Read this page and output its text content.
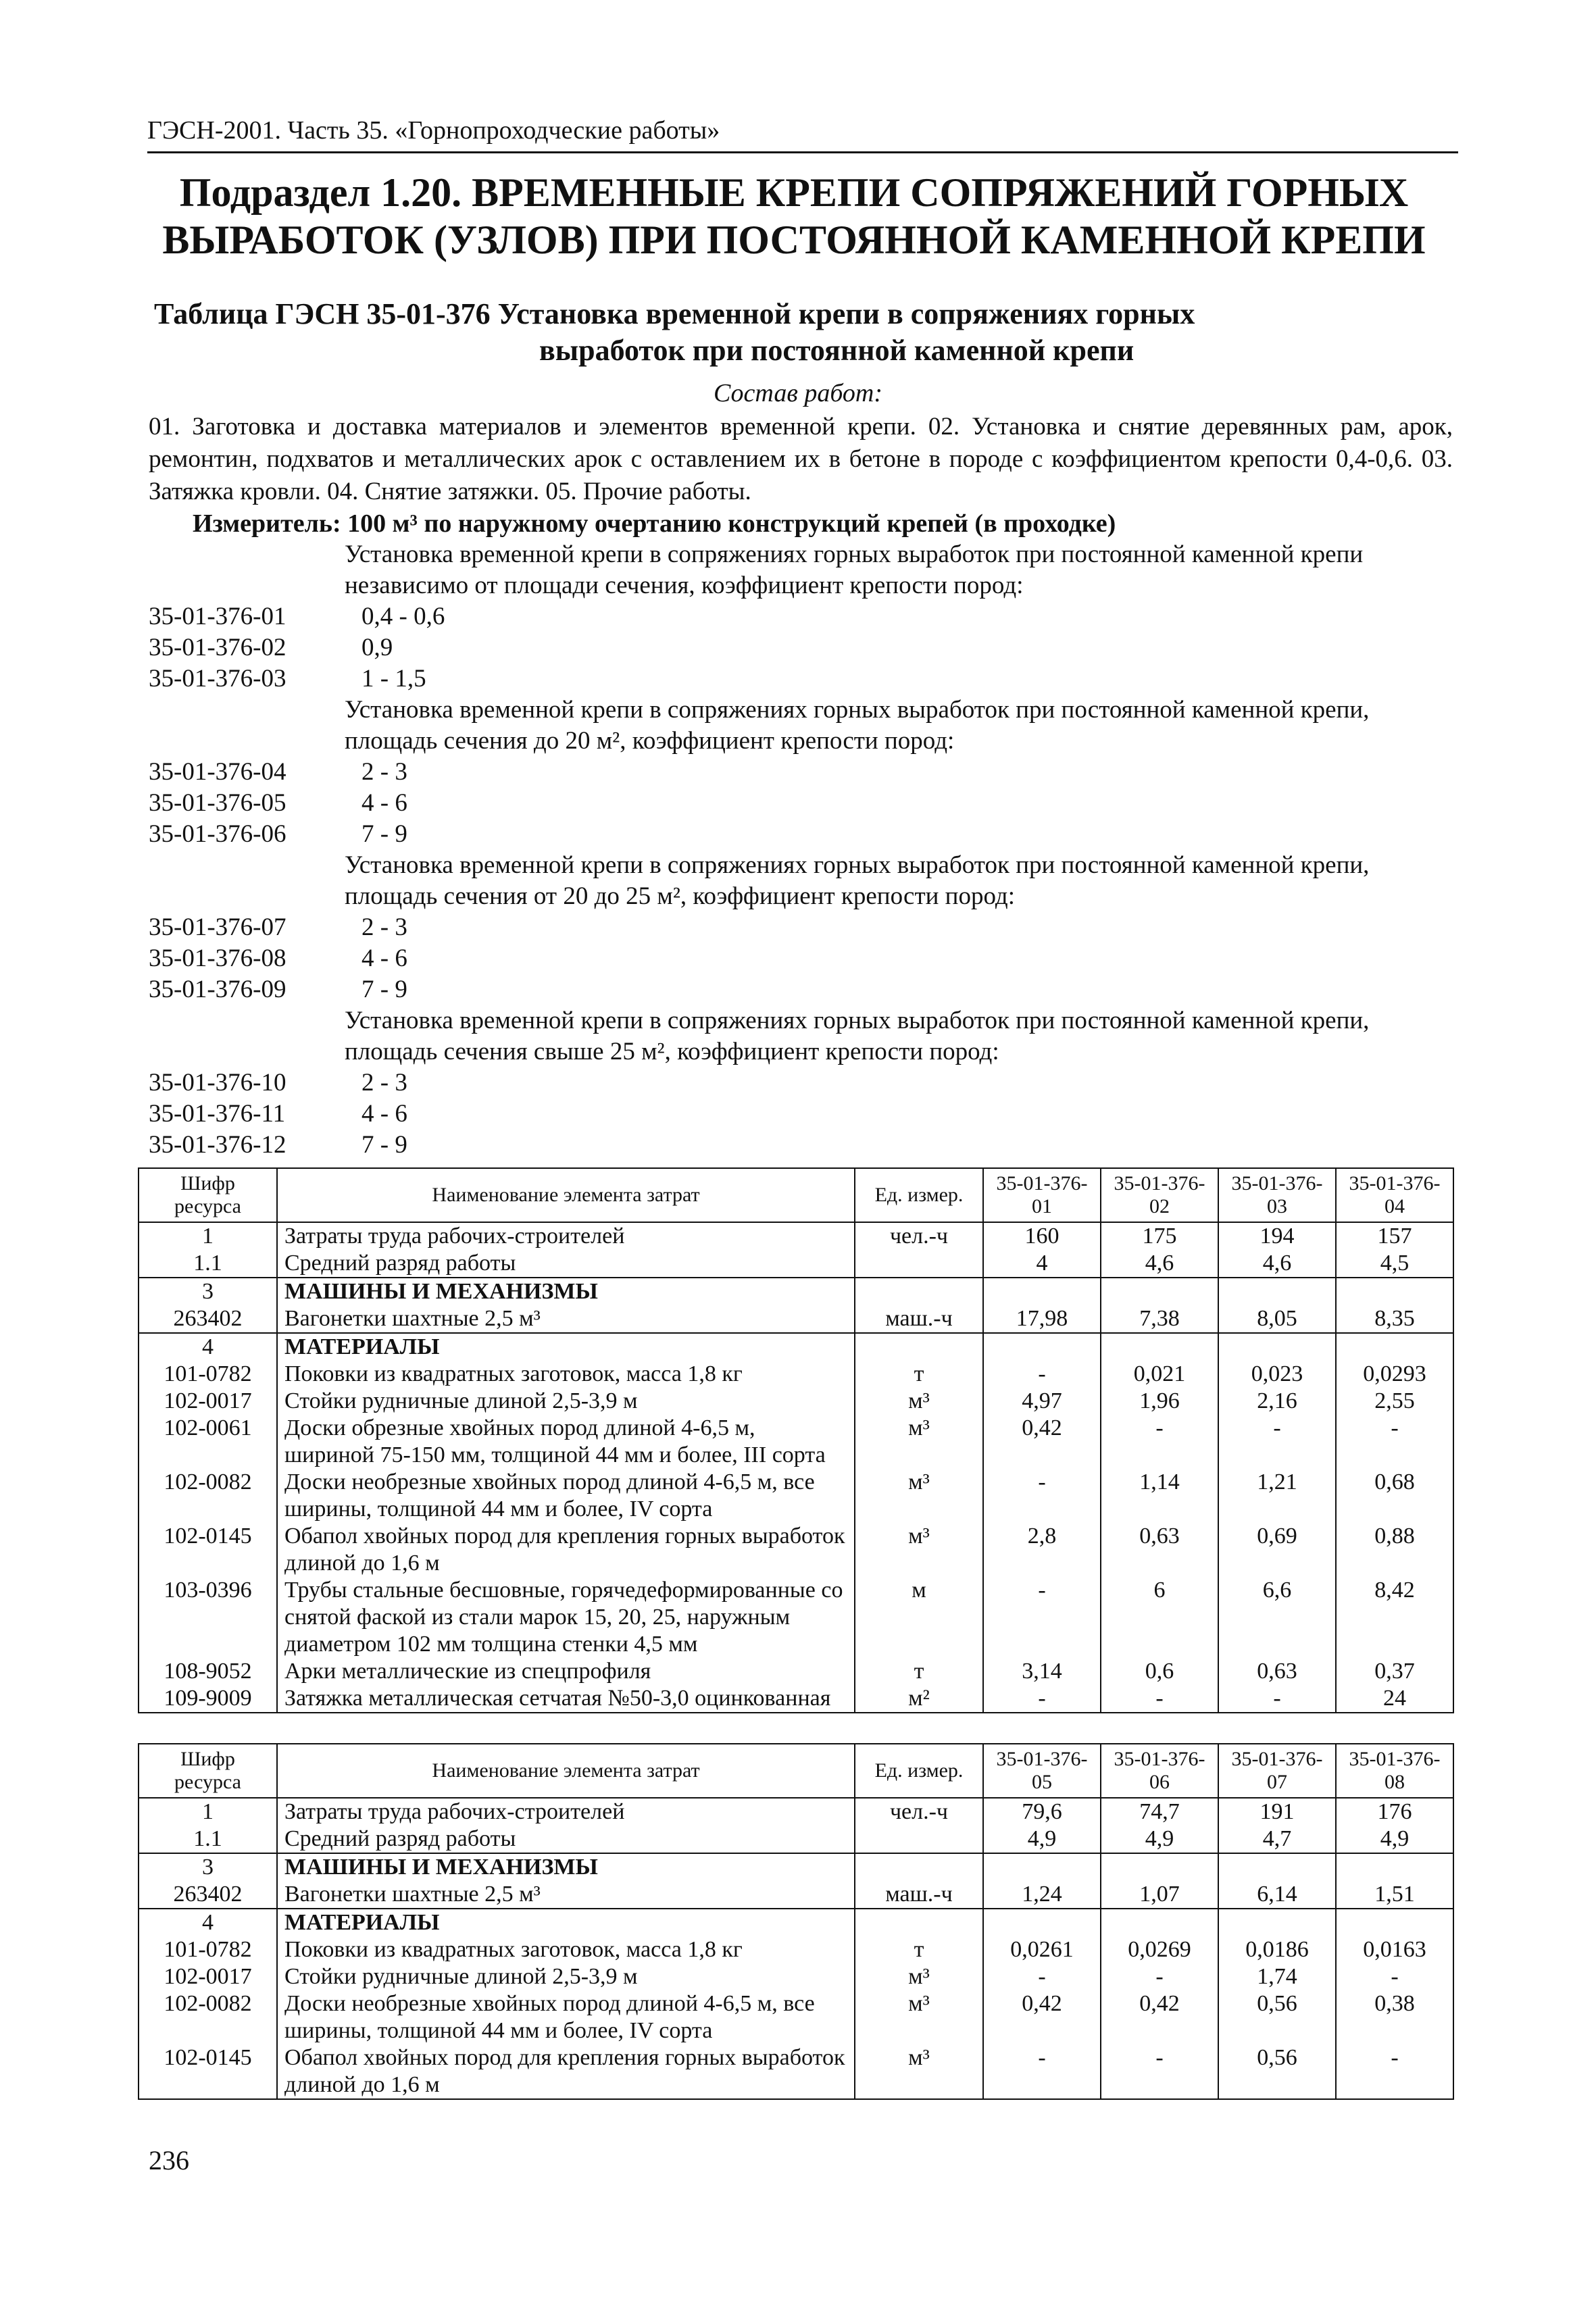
ГЭСН-2001. Часть 35. «Горнопроходческие работы»
Подраздел 1.20. ВРЕМЕННЫЕ КРЕПИ СОПРЯЖЕНИЙ ГОРНЫХ
ВЫРАБОТОК (УЗЛОВ) ПРИ ПОСТОЯННОЙ КАМЕННОЙ КРЕПИ
Таблица ГЭСН 35-01-376 Установка временной крепи в сопряжениях горных
выработок при постоянной каменной крепи
Состав работ:
01. Заготовка и доставка материалов и элементов временной крепи. 02. Установка и снятие деревянных рам, арок, ремонтин, подхватов и металлических арок с оставлением их в бетоне в породе с коэффициентом крепости 0,4-0,6. 03. Затяжка кровли. 04. Снятие затяжки. 05. Прочие работы.
Измеритель: 100 м³ по наружному очертанию конструкций крепей (в проходке)
Установка временной крепи в сопряжениях горных выработок при постоянной каменной крепи независимо от площади сечения, коэффициент крепости пород:
35-01-376-01	0,4 - 0,6
35-01-376-02	0,9
35-01-376-03	1 - 1,5
Установка временной крепи в сопряжениях горных выработок при постоянной каменной крепи, площадь сечения до 20 м², коэффициент крепости пород:
35-01-376-04	2 - 3
35-01-376-05	4 - 6
35-01-376-06	7 - 9
Установка временной крепи в сопряжениях горных выработок при постоянной каменной крепи, площадь сечения от 20 до 25 м², коэффициент крепости пород:
35-01-376-07	2 - 3
35-01-376-08	4 - 6
35-01-376-09	7 - 9
Установка временной крепи в сопряжениях горных выработок при постоянной каменной крепи, площадь сечения свыше 25 м², коэффициент крепости пород:
35-01-376-10	2 - 3
35-01-376-11	4 - 6
35-01-376-12	7 - 9
Шифр ресурса	Наименование элемента затрат	Ед. измер.	35-01-376-01	35-01-376-02	35-01-376-03	35-01-376-04
1	Затраты труда рабочих-строителей	чел.-ч	160	175	194	157
1.1	Средний разряд работы		4	4,6	4,6	4,5
3	МАШИНЫ И МЕХАНИЗМЫ					
263402	Вагонетки шахтные 2,5 м³	маш.-ч	17,98	7,38	8,05	8,35
4	МАТЕРИАЛЫ					
101-0782	Поковки из квадратных заготовок, масса 1,8 кг	т	-	0,021	0,023	0,0293
102-0017	Стойки рудничные длиной 2,5-3,9 м	м³	4,97	1,96	2,16	2,55
102-0061	Доски обрезные хвойных пород длиной 4-6,5 м, шириной 75-150 мм, толщиной 44 мм и более, III сорта	м³	0,42	-	-	-
102-0082	Доски необрезные хвойных пород длиной 4-6,5 м, все ширины, толщиной 44 мм и более, IV сорта	м³	-	1,14	1,21	0,68
102-0145	Обапол хвойных пород для крепления горных выработок длиной до 1,6 м	м³	2,8	0,63	0,69	0,88
103-0396	Трубы стальные бесшовные, горячедеформированные со снятой фаской из стали марок 15, 20, 25, наружным диаметром 102 мм толщина стенки 4,5 мм	м	-	6	6,6	8,42
108-9052	Арки металлические из спецпрофиля	т	3,14	0,6	0,63	0,37
109-9009	Затяжка металлическая сетчатая №50-3,0 оцинкованная	м²	-	-	-	24
Шифр ресурса	Наименование элемента затрат	Ед. измер.	35-01-376-05	35-01-376-06	35-01-376-07	35-01-376-08
1	Затраты труда рабочих-строителей	чел.-ч	79,6	74,7	191	176
1.1	Средний разряд работы		4,9	4,9	4,7	4,9
3	МАШИНЫ И МЕХАНИЗМЫ					
263402	Вагонетки шахтные 2,5 м³	маш.-ч	1,24	1,07	6,14	1,51
4	МАТЕРИАЛЫ					
101-0782	Поковки из квадратных заготовок, масса 1,8 кг	т	0,0261	0,0269	0,0186	0,0163
102-0017	Стойки рудничные длиной 2,5-3,9 м	м³	-	-	1,74	-
102-0082	Доски необрезные хвойных пород длиной 4-6,5 м, все ширины, толщиной 44 мм и более, IV сорта	м³	0,42	0,42	0,56	0,38
102-0145	Обапол хвойных пород для крепления горных выработок длиной до 1,6 м	м³	-	-	0,56	-
236
